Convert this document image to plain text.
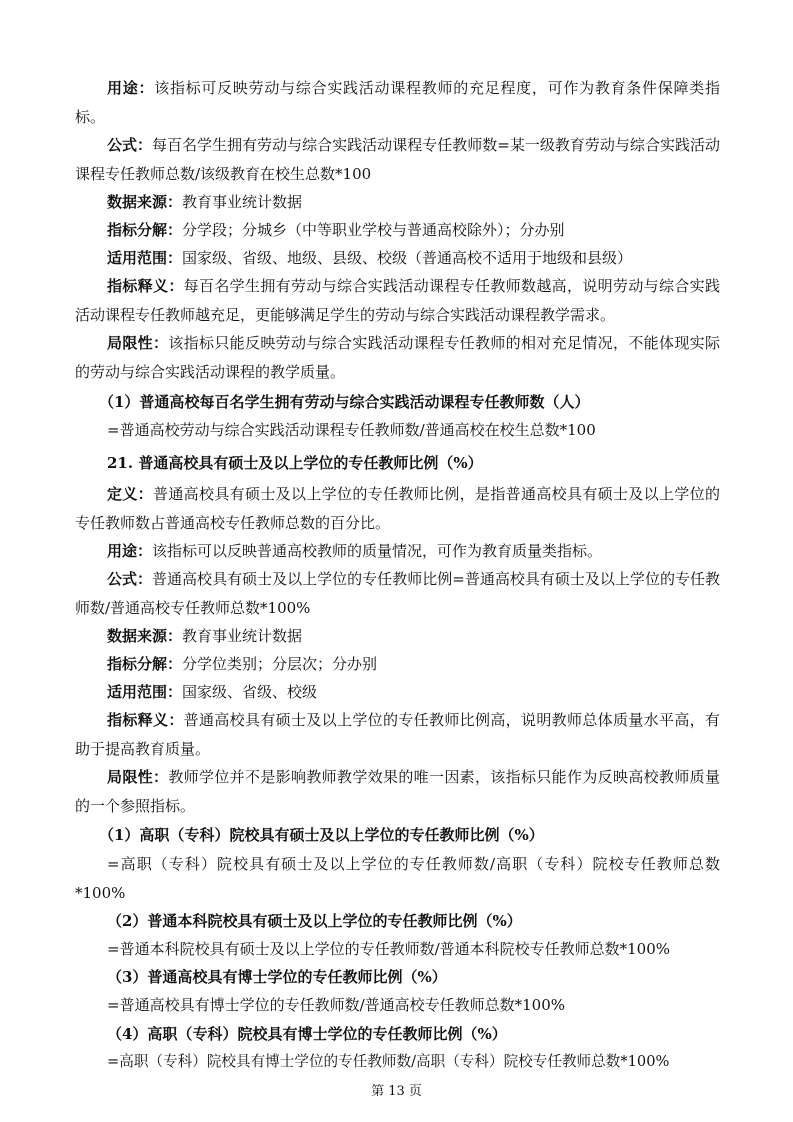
用途：该指标可反映劳动与综合实践活动课程教师的充足程度，可作为教育条件保障类指标。
公式：每百名学生拥有劳动与综合实践活动课程专任教师数=某一级教育劳动与综合实践活动课程专任教师总数/该级教育在校生总数*100
数据来源：教育事业统计数据
指标分解：分学段；分城乡（中等职业学校与普通高校除外）；分办别
适用范围：国家级、省级、地级、县级、校级（普通高校不适用于地级和县级）
指标释义：每百名学生拥有劳动与综合实践活动课程专任教师数越高，说明劳动与综合实践活动课程专任教师越充足，更能够满足学生的劳动与综合实践活动课程教学需求。
局限性：该指标只能反映劳动与综合实践活动课程专任教师的相对充足情况，不能体现实际的劳动与综合实践活动课程的教学质量。
（1）普通高校每百名学生拥有劳动与综合实践活动课程专任教师数（人）
=普通高校劳动与综合实践活动课程专任教师数/普通高校在校生总数*100
21. 普通高校具有硕士及以上学位的专任教师比例（%）
定义：普通高校具有硕士及以上学位的专任教师比例，是指普通高校具有硕士及以上学位的专任教师数占普通高校专任教师总数的百分比。
用途：该指标可以反映普通高校教师的质量情况，可作为教育质量类指标。
公式：普通高校具有硕士及以上学位的专任教师比例=普通高校具有硕士及以上学位的专任教师数/普通高校专任教师总数*100%
数据来源：教育事业统计数据
指标分解：分学位类别；分层次；分办别
适用范围：国家级、省级、校级
指标释义：普通高校具有硕士及以上学位的专任教师比例高，说明教师总体质量水平高，有助于提高教育质量。
局限性：教师学位并不是影响教师教学效果的唯一因素，该指标只能作为反映高校教师质量的一个参照指标。
（1）高职（专科）院校具有硕士及以上学位的专任教师比例（%）
=高职（专科）院校具有硕士及以上学位的专任教师数/高职（专科）院校专任教师总数*100%
（2）普通本科院校具有硕士及以上学位的专任教师比例（%）
=普通本科院校具有硕士及以上学位的专任教师数/普通本科院校专任教师总数*100%
（3）普通高校具有博士学位的专任教师比例（%）
=普通高校具有博士学位的专任教师数/普通高校专任教师总数*100%
（4）高职（专科）院校具有博士学位的专任教师比例（%）
=高职（专科）院校具有博士学位的专任教师数/高职（专科）院校专任教师总数*100%
第 13 页
